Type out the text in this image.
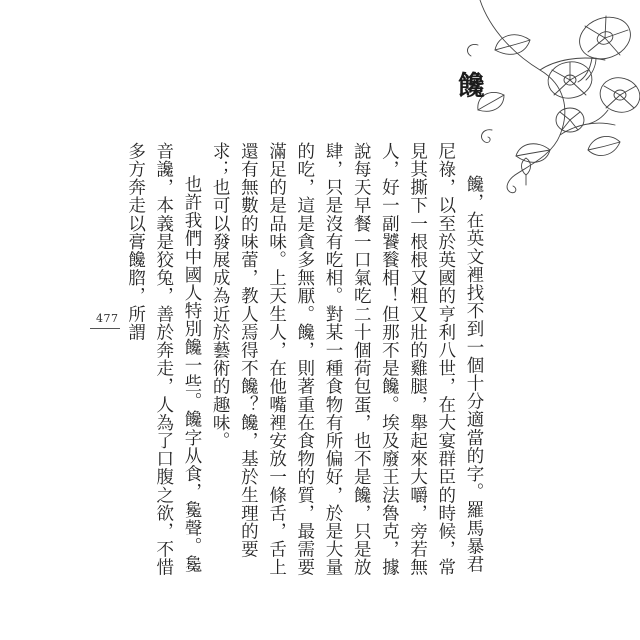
饞

饞，在英文裡找不到一個十分適當的字。羅馬暴君尼祿，以至於英國的亨利八世，在大宴群臣的時候，常見其撕下一根根又粗又壯的雞腿，舉起來大嚼，旁若無人，好一副饕餮相！但那不是饞。埃及廢王法魯克，據說每天早餐一口氣吃二十個荷包蛋，也不是饞，只是放肆，只是沒有吃相。對某一種食物有所偏好，於是大量的吃，這是貪多無厭。饞，則著重在食物的質，最需要滿足的是品味。上天生人，在他嘴裡安放一條舌，舌上還有無數的味蕾，教人焉得不饞？饞，基於生理的要求；也可以發展成為近於藝術的趣味。

也許我們中國人特別饞一些。饞字从食，毚聲。毚音讒，本義是狡兔，善於奔走，人為了口腹之欲，不惜多方奔走以膏饞脗，所謂

477
